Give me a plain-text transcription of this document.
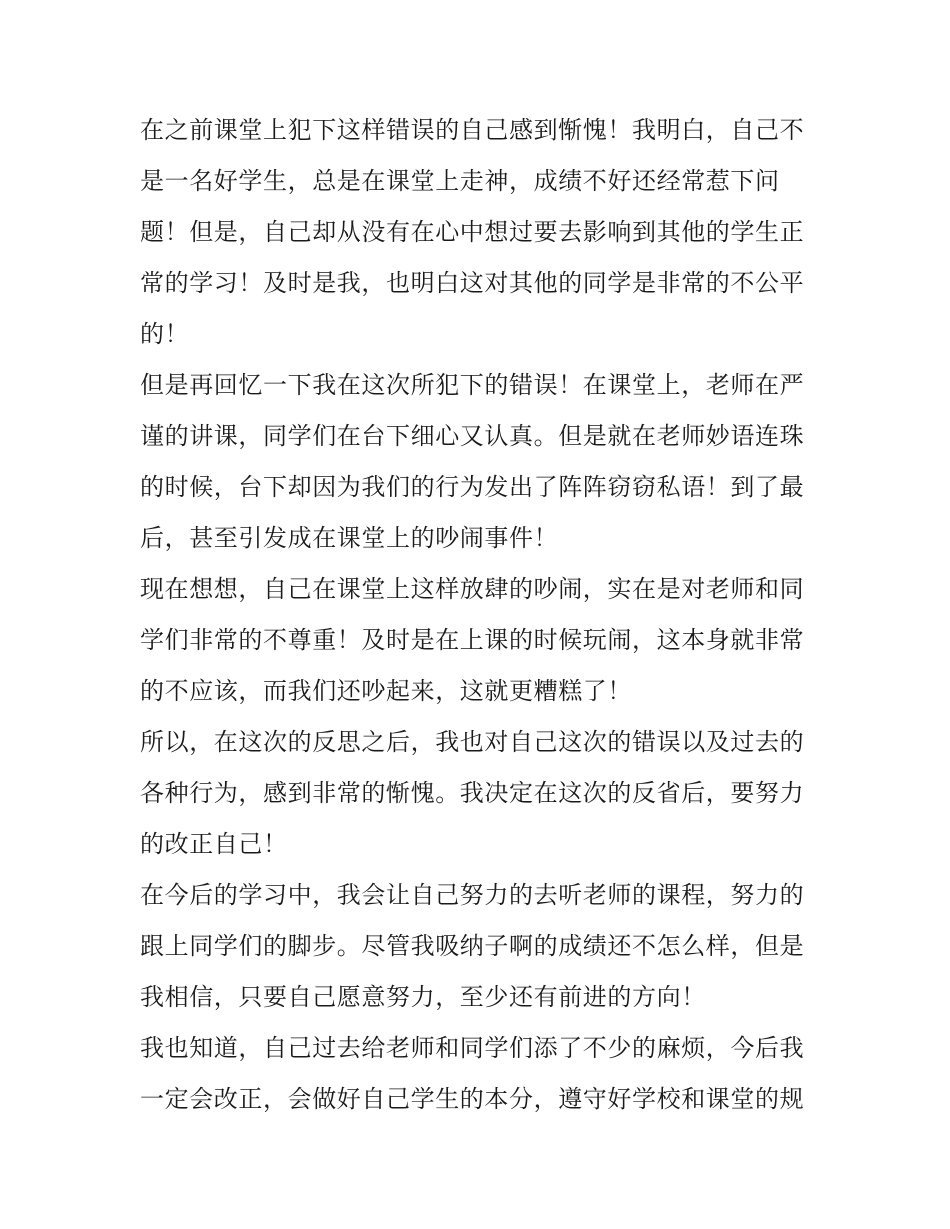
在之前课堂上犯下这样错误的自己感到惭愧！我明白，自己不
是一名好学生，总是在课堂上走神，成绩不好还经常惹下问
题！但是，自己却从没有在心中想过要去影响到其他的学生正
常的学习！及时是我，也明白这对其他的同学是非常的不公平
的！

但是再回忆一下我在这次所犯下的错误！在课堂上，老师在严
谨的讲课，同学们在台下细心又认真。但是就在老师妙语连珠
的时候，台下却因为我们的行为发出了阵阵窃窃私语！到了最
后，甚至引发成在课堂上的吵闹事件！

现在想想，自己在课堂上这样放肆的吵闹，实在是对老师和同
学们非常的不尊重！及时是在上课的时候玩闹，这本身就非常
的不应该，而我们还吵起来，这就更糟糕了！

所以，在这次的反思之后，我也对自己这次的错误以及过去的
各种行为，感到非常的惭愧。我决定在这次的反省后，要努力
的改正自己！

在今后的学习中，我会让自己努力的去听老师的课程，努力的
跟上同学们的脚步。尽管我吸纳子啊的成绩还不怎么样，但是
我相信，只要自己愿意努力，至少还有前进的方向！

我也知道，自己过去给老师和同学们添了不少的麻烦，今后我
一定会改正，会做好自己学生的本分，遵守好学校和课堂的规
